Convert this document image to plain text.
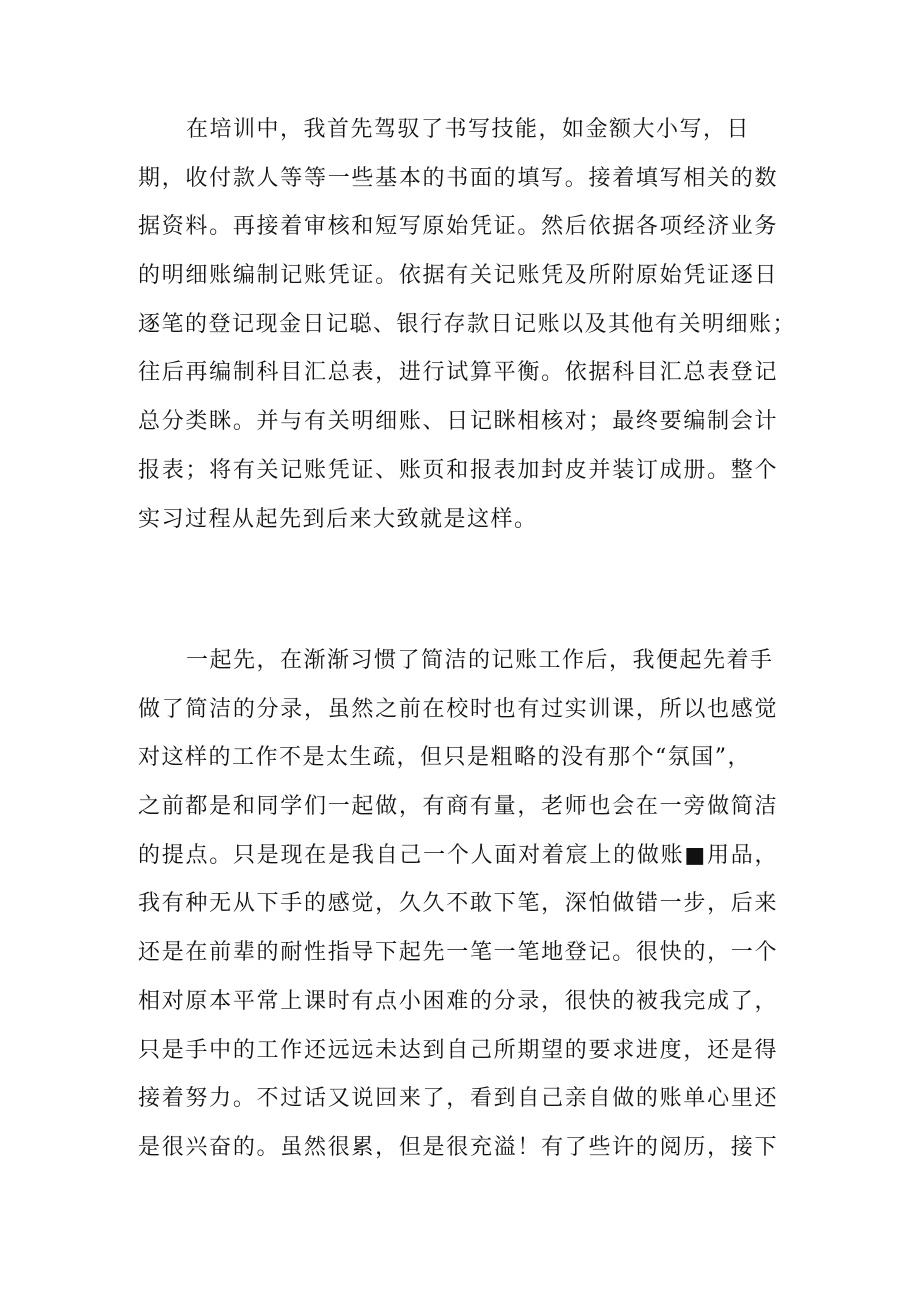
在培训中，我首先驾驭了书写技能，如金额大小写，日
期，收付款人等等一些基本的书面的填写。接着填写相关的数
据资料。再接着审核和短写原始凭证。然后依据各项经济业务
的明细账编制记账凭证。依据有关记账凭及所附原始凭证逐日
逐笔的登记现金日记聪、银行存款日记账以及其他有关明细账；
往后再编制科目汇总表，进行试算平衡。依据科目汇总表登记
总分类眯。并与有关明细账、日记眯相核对；最终要编制会计
报表；将有关记账凭证、账页和报表加封皮并装订成册。整个
实习过程从起先到后来大致就是这样。
一起先，在渐渐习惯了简洁的记账工作后，我便起先着手
做了简洁的分录，虽然之前在校时也有过实训课，所以也感觉
对这样的工作不是太生疏，但只是粗略的没有那个“氛国”，
之前都是和同学们一起做，有商有量，老师也会在一旁做简洁
的提点。只是现在是我自己一个人面对着宸上的做账■用品，
我有种无从下手的感觉，久久不敢下笔，深怕做错一步，后来
还是在前辈的耐性指导下起先一笔一笔地登记。很快的，一个
相对原本平常上课时有点小困难的分录，很快的被我完成了，
只是手中的工作还远远未达到自己所期望的要求进度，还是得
接着努力。不过话又说回来了，看到自己亲自做的账单心里还
是很兴奋的。虽然很累，但是很充溢！有了些许的阅历，接下
